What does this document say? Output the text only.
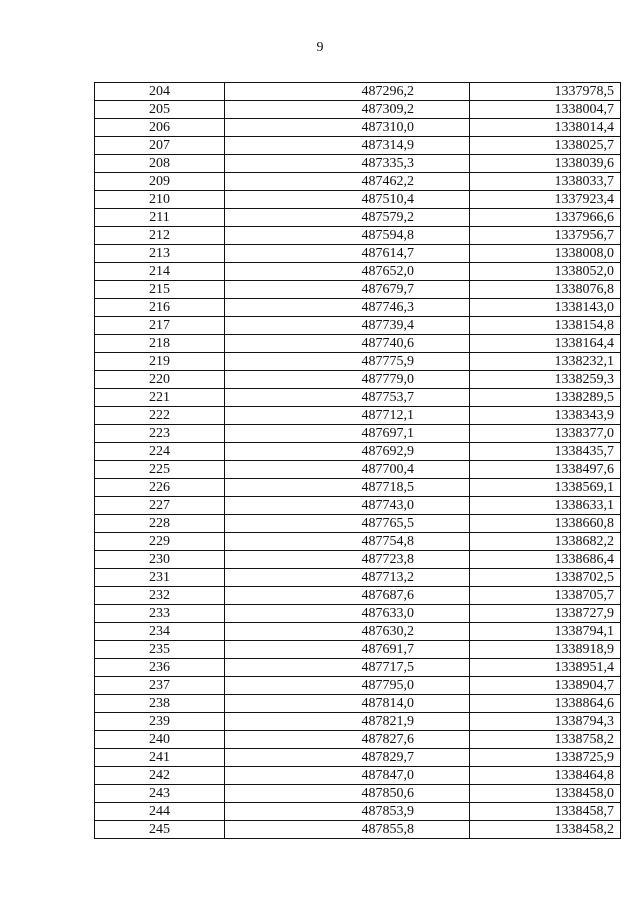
9
204	487296,2	1337978,5
205	487309,2	1338004,7
206	487310,0	1338014,4
207	487314,9	1338025,7
208	487335,3	1338039,6
209	487462,2	1338033,7
210	487510,4	1337923,4
211	487579,2	1337966,6
212	487594,8	1337956,7
213	487614,7	1338008,0
214	487652,0	1338052,0
215	487679,7	1338076,8
216	487746,3	1338143,0
217	487739,4	1338154,8
218	487740,6	1338164,4
219	487775,9	1338232,1
220	487779,0	1338259,3
221	487753,7	1338289,5
222	487712,1	1338343,9
223	487697,1	1338377,0
224	487692,9	1338435,7
225	487700,4	1338497,6
226	487718,5	1338569,1
227	487743,0	1338633,1
228	487765,5	1338660,8
229	487754,8	1338682,2
230	487723,8	1338686,4
231	487713,2	1338702,5
232	487687,6	1338705,7
233	487633,0	1338727,9
234	487630,2	1338794,1
235	487691,7	1338918,9
236	487717,5	1338951,4
237	487795,0	1338904,7
238	487814,0	1338864,6
239	487821,9	1338794,3
240	487827,6	1338758,2
241	487829,7	1338725,9
242	487847,0	1338464,8
243	487850,6	1338458,0
244	487853,9	1338458,7
245	487855,8	1338458,2
